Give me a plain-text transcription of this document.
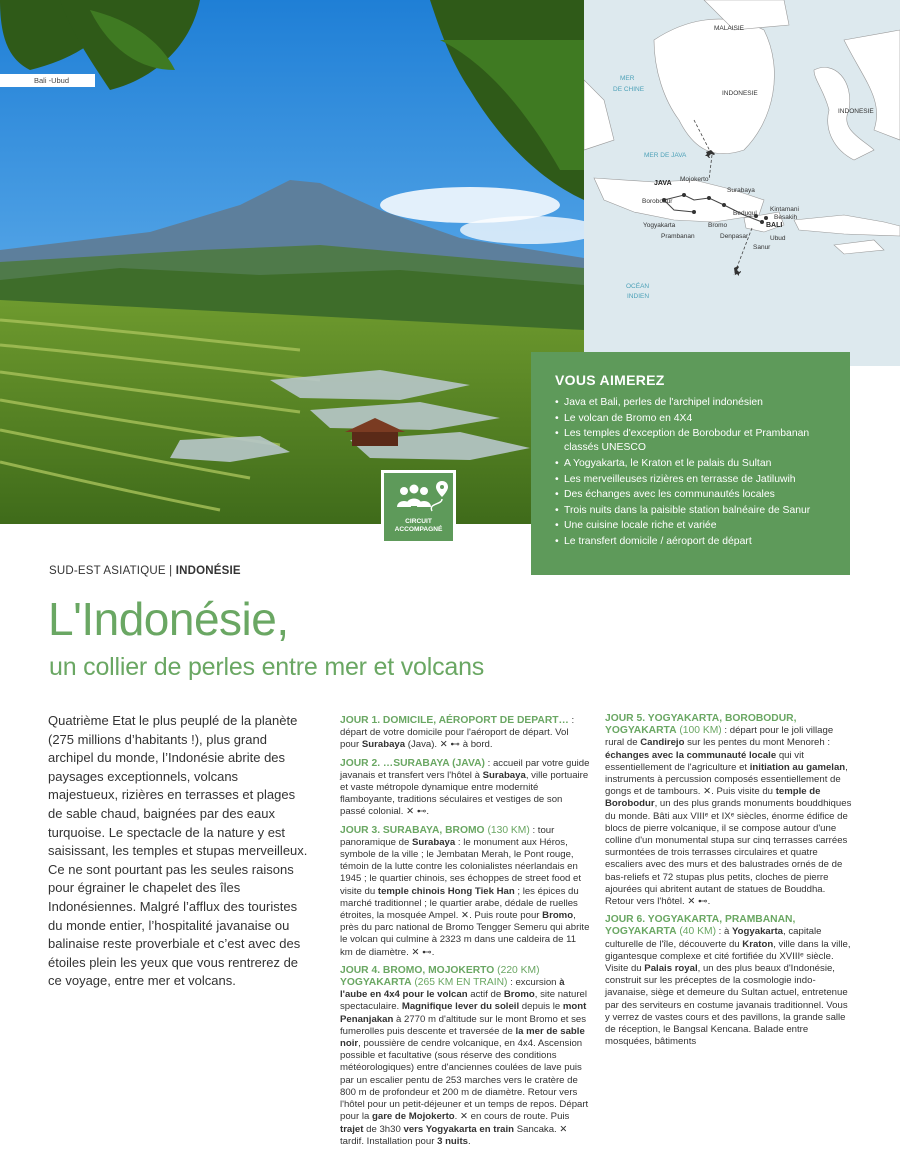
Bali -Ubud
MALAISIE
MER
DE CHINE
INDONESIE
INDONESIE
MER DE JAVA
JAVA
Mojokerto
Surabaya
Borobodur
Kintamani
Besakih
Bedugul
BALI
Yogyakarta	Bromo
Prambanan	Denpasar	Ubud
Sanur
OCÉAN
INDIEN
VOUS AIMEREZ
• Java et Bali, perles de l'archipel indonésien
• Le volcan de Bromo en 4X4
• Les temples d'exception de Borobodur et Prambanan classés UNESCO
• A Yogyakarta, le Kraton et le palais du Sultan
• Les merveilleuses rizières en terrasse de Jatiluwih
• Des échanges avec les communautés locales
• Trois nuits dans la paisible station balnéaire de Sanur
• Une cuisine locale riche et variée
• Le transfert domicile / aéroport de départ
CIRCUIT
ACCOMPAGNÉ
SUD-EST ASIATIQUE | INDONÉSIE
L'Indonésie,
un collier de perles entre mer et volcans
Quatrième Etat le plus peuplé de la planète (275 millions d’habitants !), plus grand archipel du monde, l’Indonésie abrite des paysages exceptionnels, volcans majestueux, rizières en terrasses et plages de sable chaud, baignées par des eaux turquoise. Le spectacle de la nature y est saisissant, les temples et stupas merveilleux. Ce ne sont pourtant pas les seules raisons pour égrainer le chapelet des îles Indonésiennes. Malgré l’afflux des touristes du monde entier, l’hospitalité javanaise ou balinaise reste proverbiale et c’est avec des étoiles plein les yeux que vous rentrerez de ce voyage, entre mer et volcans.

JOUR 1. DOMICILE, AÉROPORT DE DEPART… : départ de votre domicile pour l'aéroport de départ. Vol pour Surabaya (Java). ✕ ⊷ à bord.

JOUR 2. …SURABAYA (JAVA) : accueil par votre guide javanais et transfert vers l'hôtel à Surabaya, ville portuaire et vaste métropole dynamique entre modernité flamboyante, traditions séculaires et vestiges de son passé colonial. ✕ ⊷.

JOUR 3. SURABAYA, BROMO (130 KM) : tour panoramique de Surabaya : le monument aux Héros, symbole de la ville ; le Jembatan Merah, le Pont rouge, témoin de la lutte contre les colonialistes néerlandais en 1945 ; le quartier chinois, ses échoppes de street food et visite du temple chinois Hong Tiek Han ; les épices du marché traditionnel ; le quartier arabe, dédale de ruelles étroites, la mosquée Ampel. ✕. Puis route pour Bromo, près du parc national de Bromo Tengger Semeru qui abrite le volcan qui culmine à 2323 m dans une caldeira de 11 km de diamètre. ✕ ⊷.

JOUR 4. BROMO, MOJOKERTO (220 KM)
YOGYAKARTA (265 KM EN TRAIN) : excursion à l'aube en 4x4 pour le volcan actif de Bromo, site naturel spectaculaire. Magnifique lever du soleil depuis le mont Penanjakan à 2770 m d'altitude sur le mont Bromo et ses fumerolles puis descente et traversée de la mer de sable noir, poussière de cendre volcanique, en 4x4. Ascension possible et facultative (sous réserve des conditions météorologiques) entre d'anciennes coulées de lave puis par un escalier pentu de 253 marches vers le cratère de 800 m de profondeur et 200 m de diamètre. Retour vers l'hôtel pour un petit-déjeuner et un temps de repos. Départ pour la gare de Mojokerto. ✕ en cours de route. Puis trajet de 3h30 vers Yogyakarta en train Sancaka. ✕ tardif. Installation pour 3 nuits.

JOUR 5. YOGYAKARTA, BOROBODUR,
YOGYAKARTA (100 KM) : départ pour le joli village rural de Candirejo sur les pentes du mont Menoreh : échanges avec la communauté locale qui vit essentiellement de l'agriculture et initiation au gamelan, instruments à percussion composés essentiellement de gongs et de tambours. ✕. Puis visite du temple de Borobodur, un des plus grands monuments bouddhiques du monde. Bâti aux VIIIᵉ et IXᵉ siècles, énorme édifice de blocs de pierre volcanique, il se compose autour d'une colline d'un monumental stupa sur cinq terrasses carrées surmontées de trois terrasses circulaires et quatre escaliers avec des murs et des balustrades ornés de de bas-reliefs et 72 stupas plus petits, cloches de pierre ajourées qui abritent autant de statues de Bouddha. Retour vers l'hôtel. ✕ ⊷.

JOUR 6. YOGYAKARTA, PRAMBANAN, YOGYAKARTA (40 KM) : à Yogyakarta, capitale culturelle de l'île, découverte du Kraton, ville dans la ville, gigantesque complexe et cité fortifiée du XVIIIᵉ siècle. Visite du Palais royal, un des plus beaux d'Indonésie, construit sur les préceptes de la cosmologie indo-javanaise, siège et demeure du Sultan actuel, entretenue par des serviteurs en costume javanais traditionnel. Vous y verrez de vastes cours et des pavillons, la grande salle de réception, le Bangsal Kencana. Balade entre mosquées, bâtiments
